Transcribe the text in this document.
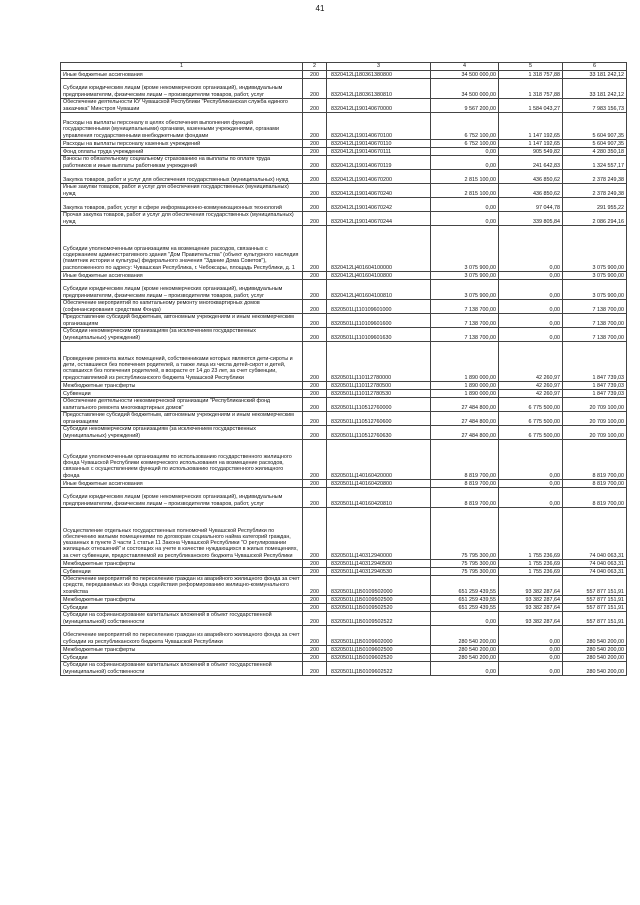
41
1	2	3	4	5	6
Иные бюджетные ассигнования	200	8320412Ц180361380800	34 500 000,00	1 318 757,88	33 181 242,12
Субсидии юридическим лицам (кроме некоммерческих организаций), индивидуальным предпринимателям, физическим лицам – производителям товаров, работ, услуг	200	8320412Ц180361380810	34 500 000,00	1 318 757,88	33 181 242,12
Обеспечение деятельности КУ Чувашской Республики "Республиканская служба единого заказчика" Минстроя Чувашии	200	8320412Ц190140670000	9 567 200,00	1 584 043,27	7 983 156,73
Расходы на выплаты персоналу в целях обеспечения выполнения функций государственными (муниципальными) органами, казенными учреждениями, органами управления государственными внебюджетными фондами	200	8320412Ц190140670100	6 752 100,00	1 147 192,65	5 604 907,35
Расходы на выплаты персоналу казенных учреждений	200	8320412Ц190140670110	6 752 100,00	1 147 192,65	5 604 907,35
Фонд оплаты труда учреждений	200	8320412Ц190140670111	0,00	905 549,82	4 280 350,18
Взносы по обязательному социальному страхованию на выплаты по оплате труда работников и иные выплаты работникам учреждений	200	8320412Ц190140670119	0,00	241 642,83	1 324 557,17
Закупка товаров, работ и услуг для обеспечения государственных (муниципальных) нужд	200	8320412Ц190140670200	2 815 100,00	436 850,62	2 378 249,38
Иные закупки товаров, работ и услуг для обеспечения государственных (муниципальных) нужд	200	8320412Ц190140670240	2 815 100,00	436 850,62	2 378 249,38
Закупка товаров, работ, услуг в сфере информационно-коммуникационных технологий	200	8320412Ц190140670242	0,00	97 044,78	291 955,22
Прочая закупка товаров, работ и услуг для обеспечения государственных (муниципальных) нужд	200	8320412Ц190140670244	0,00	339 805,84	2 086 294,16
Субсидии уполномоченным организациям на возмещение расходов, связанных с содержанием административного здания "Дом Правительства" (объект культурного наследия (памятник истории и культуры) федерального значения "Здание Дома Советов"), расположенного по адресу: Чувашская Республика, г. Чебоксары, площадь Республики, д. 1	200	8320412Ц401604100000	3 075 900,00	0,00	3 075 900,00
Иные бюджетные ассигнования	200	8320412Ц401604100800	3 075 900,00	0,00	3 075 900,00
Субсидии юридическим лицам (кроме некоммерческих организаций), индивидуальным предпринимателям, физическим лицам – производителям товаров, работ, услуг	200	8320412Ц401604100810	3 075 900,00	0,00	3 075 900,00
Обеспечение мероприятий по капитальному ремонту многоквартирных домов (софинансирования средствам Фонда)	200	8320501Ц110109601000	7 138 700,00	0,00	7 138 700,00
Предоставление субсидий бюджетным, автономным учреждениям и иным некоммерческим организациям	200	8320501Ц110109601600	7 138 700,00	0,00	7 138 700,00
Субсидии некоммерческим организациям (за исключением государственных (муниципальных) учреждений)	200	8320501Ц110109601630	7 138 700,00	0,00	7 138 700,00
Проведение ремонта жилых помещений, собственниками которых являются дети-сироты и дети, оставшиеся без попечения родителей, а также лица из числа детей-сирот и детей, оставшихся без попечения родителей, в возрасте от 14 до 23 лет, за счет субвенции, предоставляемой из республиканского бюджета Чувашской Республики	200	8320501Ц110112780000	1 890 000,00	42 260,97	1 847 739,03
Межбюджетные трансферты	200	8320501Ц110112780500	1 890 000,00	42 260,97	1 847 739,03
Субвенции	200	8320501Ц110112780530	1 890 000,00	42 260,97	1 847 739,03
Обеспечение деятельности некоммерческой организации "Республиканский фонд капитального ремонта многоквартирных домов"	200	8320501Ц110512760000	27 484 800,00	6 775 500,00	20 709 100,00
Предоставление субсидий бюджетным, автономным учреждениям и иным некоммерческим организациям	200	8320501Ц110512760600	27 484 800,00	6 775 500,00	20 709 100,00
Субсидии некоммерческим организациям (за исключением государственных (муниципальных) учреждений)	200	8320501Ц110512760630	27 484 800,00	6 775 500,00	20 709 100,00
Субсидии уполномоченным организациям по использованию государственного жилищного фонда Чувашской Республики коммерческого использования на возмещение расходов, связанных с осуществлением функций по использованию государственного жилищного фонда	200	8320501Ц140160420000	8 819 700,00	0,00	8 819 700,00
Иные бюджетные ассигнования	200	8320501Ц140160420800	8 819 700,00	0,00	8 819 700,00
Субсидии юридическим лицам (кроме некоммерческих организаций), индивидуальным предпринимателям, физическим лицам – производителям товаров, работ, услуг	200	8320501Ц140160420810	8 819 700,00	0,00	8 819 700,00
Осуществление отдельных государственных полномочий Чувашской Республики по обеспечению жилыми помещениями по договорам социального найма категорий граждан, указанных в пункте 3 части 1 статьи 11 Закона Чувашской Республики "О регулировании жилищных отношений" и состоящих на учете в качестве нуждающихся в жилых помещениях, за счет субвенции, предоставляемой из республиканского бюджета Чувашской Республики	200	8320501Ц140312940000	75 795 300,00	1 755 236,69	74 040 063,31
Межбюджетные трансферты	200	8320501Ц140312940500	75 795 300,00	1 755 236,69	74 040 063,31
Субвенции	200	8320501Ц140312940530	75 795 300,00	1 755 236,69	74 040 063,31
Обеспечение мероприятий по переселению граждан из аварийного жилищного фонда за счет средств, передаваемых из Фонда содействия реформированию жилищно-коммунального хозяйства	200	8320501Ц1Б0109502000	651 259 439,55	93 382 287,64	557 877 151,91
Межбюджетные трансферты	200	8320501Ц1Б0109502500	651 259 439,55	93 382 287,64	557 877 151,91
Субсидии	200	8320501Ц1Б0109502520	651 259 439,55	93 382 287,64	557 877 151,91
Субсидии на софинансирование капитальных вложений в объект государственной (муниципальной) собственности	200	8320501Ц1Б0109502522	0,00	93 382 287,64	557 877 151,91
Обеспечение мероприятий по переселению граждан из аварийного жилищного фонда за счет субсидии из республиканского бюджета Чувашской Республики	200	8320501Ц1Б0109602000	280 540 200,00	0,00	280 540 200,00
Межбюджетные трансферты	200	8320501Ц1Б0109602500	280 540 200,00	0,00	280 540 200,00
Субсидии	200	8320501Ц1Б0109602520	280 540 200,00	0,00	280 540 200,00
Субсидии на софинансирование капитальных вложений в объект государственной (муниципальной) собственности	200	8320501Ц1Б0109602522	0,00	0,00	280 540 200,00
